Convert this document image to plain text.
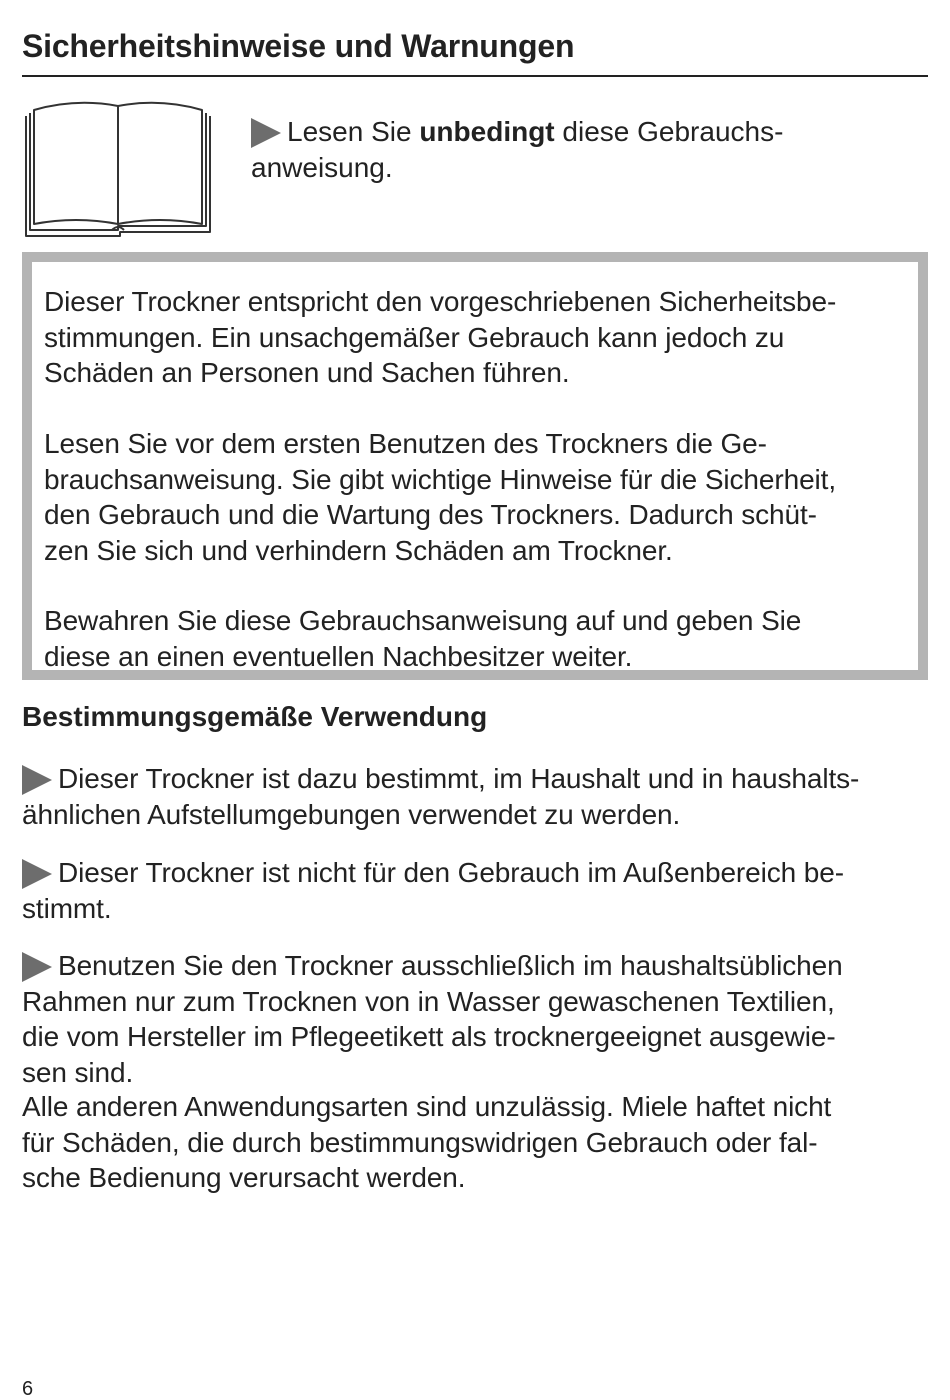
Sicherheitshinweise und Warnungen

Lesen Sie unbedingt diese Gebrauchs-
anweisung.

Dieser Trockner entspricht den vorgeschriebenen Sicherheitsbe-
stimmungen. Ein unsachgemäßer Gebrauch kann jedoch zu
Schäden an Personen und Sachen führen.

Lesen Sie vor dem ersten Benutzen des Trockners die Ge-
brauchsanweisung. Sie gibt wichtige Hinweise für die Sicherheit,
den Gebrauch und die Wartung des Trockners. Dadurch schüt-
zen Sie sich und verhindern Schäden am Trockner.

Bewahren Sie diese Gebrauchsanweisung auf und geben Sie
diese an einen eventuellen Nachbesitzer weiter.

Bestimmungsgemäße Verwendung

Dieser Trockner ist dazu bestimmt, im Haushalt und in haushalts-
ähnlichen Aufstellumgebungen verwendet zu werden.

Dieser Trockner ist nicht für den Gebrauch im Außenbereich be-
stimmt.

Benutzen Sie den Trockner ausschließlich im haushaltsüblichen
Rahmen nur zum Trocknen von in Wasser gewaschenen Textilien,
die vom Hersteller im Pflegeetikett als trocknergeeignet ausgewie-
sen sind.

Alle anderen Anwendungsarten sind unzulässig. Miele haftet nicht
für Schäden, die durch bestimmungswidrigen Gebrauch oder fal-
sche Bedienung verursacht werden.

6
